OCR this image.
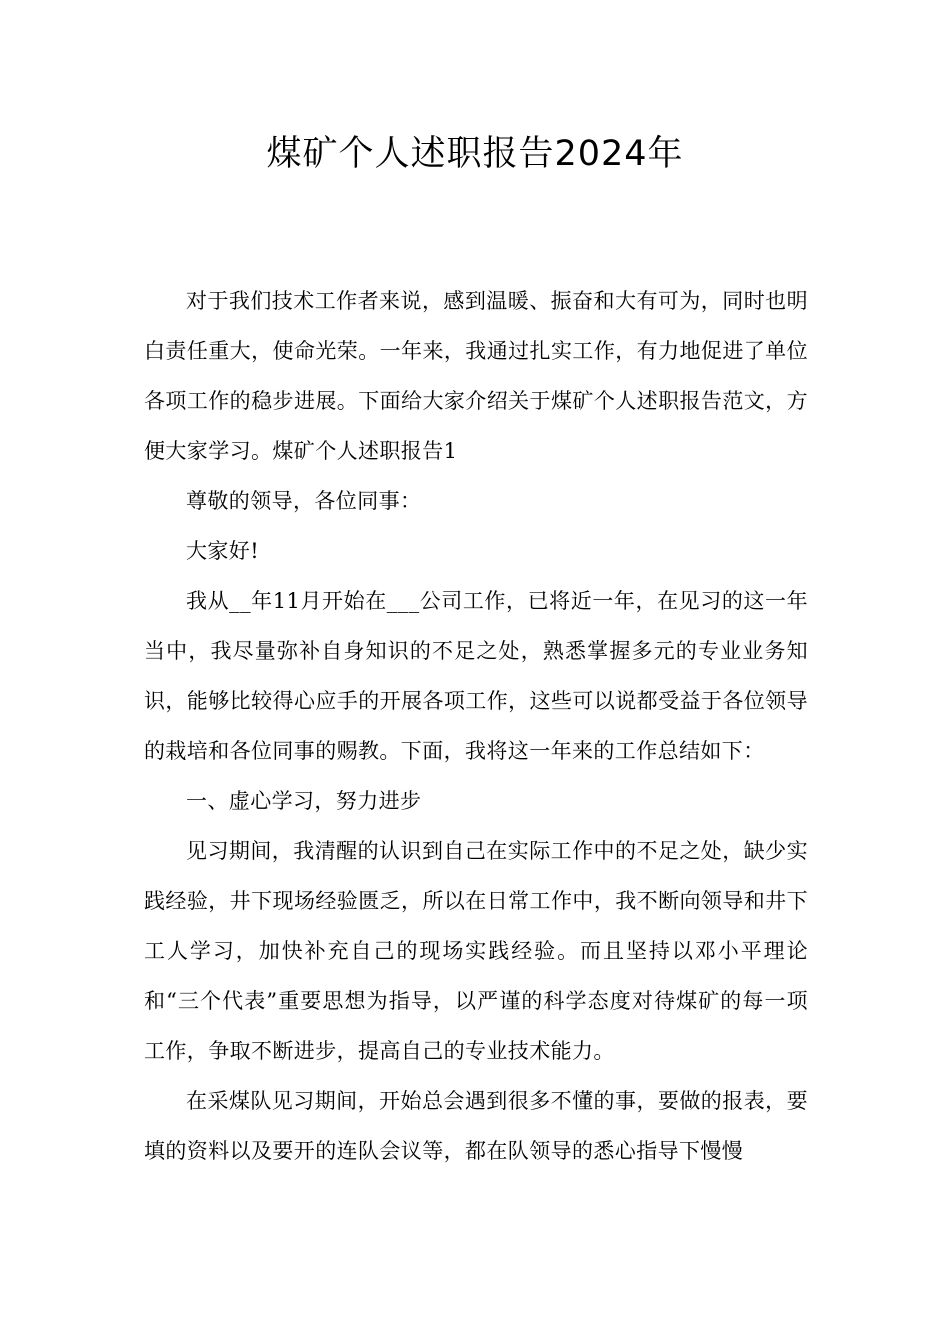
煤矿个人述职报告2024年

对于我们技术工作者来说，感到温暖、振奋和大有可为，同时也明白责任重大，使命光荣。一年来，我通过扎实工作，有力地促进了单位各项工作的稳步进展。下面给大家介绍关于煤矿个人述职报告范文，方便大家学习。煤矿个人述职报告1

尊敬的领导，各位同事：

大家好!

我从__年11月开始在___公司工作，已将近一年，在见习的这一年当中，我尽量弥补自身知识的不足之处，熟悉掌握多元的专业业务知识，能够比较得心应手的开展各项工作，这些可以说都受益于各位领导的栽培和各位同事的赐教。下面，我将这一年来的工作总结如下：

一、虚心学习，努力进步

见习期间，我清醒的认识到自己在实际工作中的不足之处，缺少实践经验，井下现场经验匮乏，所以在日常工作中，我不断向领导和井下工人学习，加快补充自己的现场实践经验。而且坚持以邓小平理论和“三个代表”重要思想为指导，以严谨的科学态度对待煤矿的每一项工作，争取不断进步，提高自己的专业技术能力。

在采煤队见习期间，开始总会遇到很多不懂的事，要做的报表，要填的资料以及要开的连队会议等，都在队领导的悉心指导下慢慢
